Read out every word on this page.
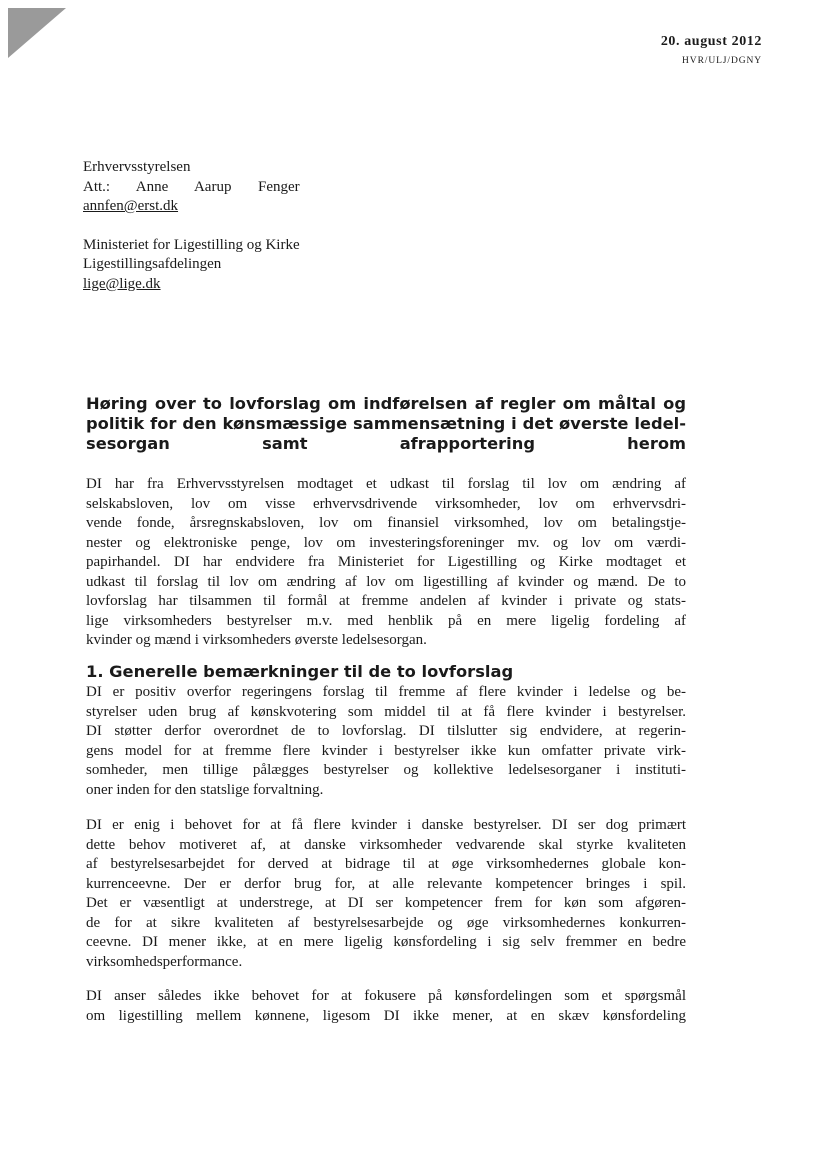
20. august 2012
HVR/ULJ/DGNY
Erhvervsstyrelsen
Att.: Anne Aarup Fenger
annfen@erst.dk
Ministeriet for Ligestilling og Kirke
Ligestillingsafdelingen
lige@lige.dk
Høring over to lovforslag om indførelsen af regler om måltal og
politik for den kønsmæssige sammensætning i det øverste ledel-
sesorgan samt afrapportering herom
DI har fra Erhvervsstyrelsen modtaget et udkast til forslag til lov om ændring af
selskabsloven, lov om visse erhvervsdrivende virksomheder, lov om erhvervsdri-
vende fonde, årsregnskabsloven, lov om finansiel virksomhed, lov om betalingstje-
nester og elektroniske penge, lov om investeringsforeninger mv. og lov om værdi-
papirhandel. DI har endvidere fra Ministeriet for Ligestilling og Kirke modtaget et
udkast til forslag til lov om ændring af lov om ligestilling af kvinder og mænd. De to
lovforslag har tilsammen til formål at fremme andelen af kvinder i private og stats-
lige virksomheders bestyrelser m.v. med henblik på en mere ligelig fordeling af
kvinder og mænd i virksomheders øverste ledelsesorgan.
1. Generelle bemærkninger til de to lovforslag
DI er positiv overfor regeringens forslag til fremme af flere kvinder i ledelse og be-
styrelser uden brug af kønskvotering som middel til at få flere kvinder i bestyrelser.
DI støtter derfor overordnet de to lovforslag. DI tilslutter sig endvidere, at regerin-
gens model for at fremme flere kvinder i bestyrelser ikke kun omfatter private virk-
somheder, men tillige pålægges bestyrelser og kollektive ledelsesorganer i instituti-
oner inden for den statslige forvaltning.
DI er enig i behovet for at få flere kvinder i danske bestyrelser. DI ser dog primært
dette behov motiveret af, at danske virksomheder vedvarende skal styrke kvaliteten
af bestyrelsesarbejdet for derved at bidrage til at øge virksomhedernes globale kon-
kurrenceevne. Der er derfor brug for, at alle relevante kompetencer bringes i spil.
Det er væsentligt at understrege, at DI ser kompetencer frem for køn som afgøren-
de for at sikre kvaliteten af bestyrelsesarbejde og øge virksomhedernes konkurren-
ceevne. DI mener ikke, at en mere ligelig kønsfordeling i sig selv fremmer en bedre
virksomhedsperformance.
DI anser således ikke behovet for at fokusere på kønsfordelingen som et spørgsmål
om ligestilling mellem kønnene, ligesom DI ikke mener, at en skæv kønsfordeling
